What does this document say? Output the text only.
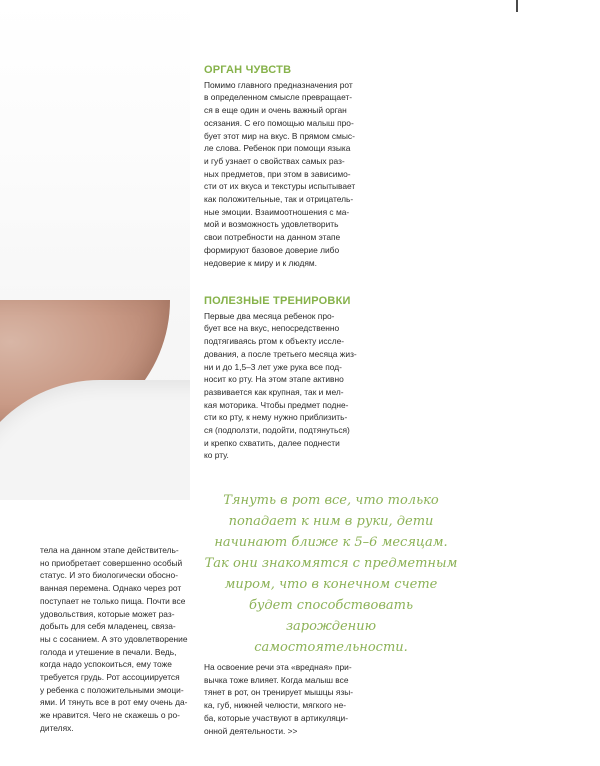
ОРГАН ЧУВСТВ

Помимо главного предназначения рот
в определенном смысле превращает-
ся в еще один и очень важный орган
осязания. С его помощью малыш про-
бует этот мир на вкус. В прямом смыс-
ле слова. Ребенок при помощи языка
и губ узнает о свойствах самых раз-
ных предметов, при этом в зависимо-
сти от их вкуса и текстуры испытывает
как положительные, так и отрицатель-
ные эмоции. Взаимоотношения с ма-
мой и возможность удовлетворить
свои потребности на данном этапе
формируют базовое доверие либо
недоверие к миру и к людям.

ПОЛЕЗНЫЕ ТРЕНИРОВКИ

Первые два месяца ребенок про-
бует все на вкус, непосредственно
подтягиваясь ртом к объекту иссле-
дования, а после третьего месяца жиз-
ни и до 1,5–3 лет уже рука все под-
носит ко рту. На этом этапе активно
развивается как крупная, так и мел-
кая моторика. Чтобы предмет подне-
сти ко рту, к нему нужно приблизить-
ся (подползти, подойти, подтянуться)
и крепко схватить, далее поднести
ко рту.

Тянуть в рот все, что только
попадает к ним в руки, дети
начинают ближе к 5–6 месяцам.
Так они знакомятся с предметным
миром, что в конечном счете
будет способствовать зарождению
самостоятельности.

тела на данном этапе действитель-
но приобретает совершенно особый
статус. И это биологически обосно-
ванная перемена. Однако через рот
поступает не только пища. Почти все
удовольствия, которые может раз-
добыть для себя младенец, связа-
ны с сосанием. А это удовлетворение
голода и утешение в печали. Ведь,
когда надо успокоиться, ему тоже
требуется грудь. Рот ассоциируется
у ребенка с положительными эмоци-
ями. И тянуть все в рот ему очень да-
же нравится. Чего не скажешь о ро-
дителях.

На освоение речи эта «вредная» при-
вычка тоже влияет. Когда малыш все
тянет в рот, он тренирует мышцы язы-
ка, губ, нижней челюсти, мягкого не-
ба, которые участвуют в артикуляци-
онной деятельности. >>
